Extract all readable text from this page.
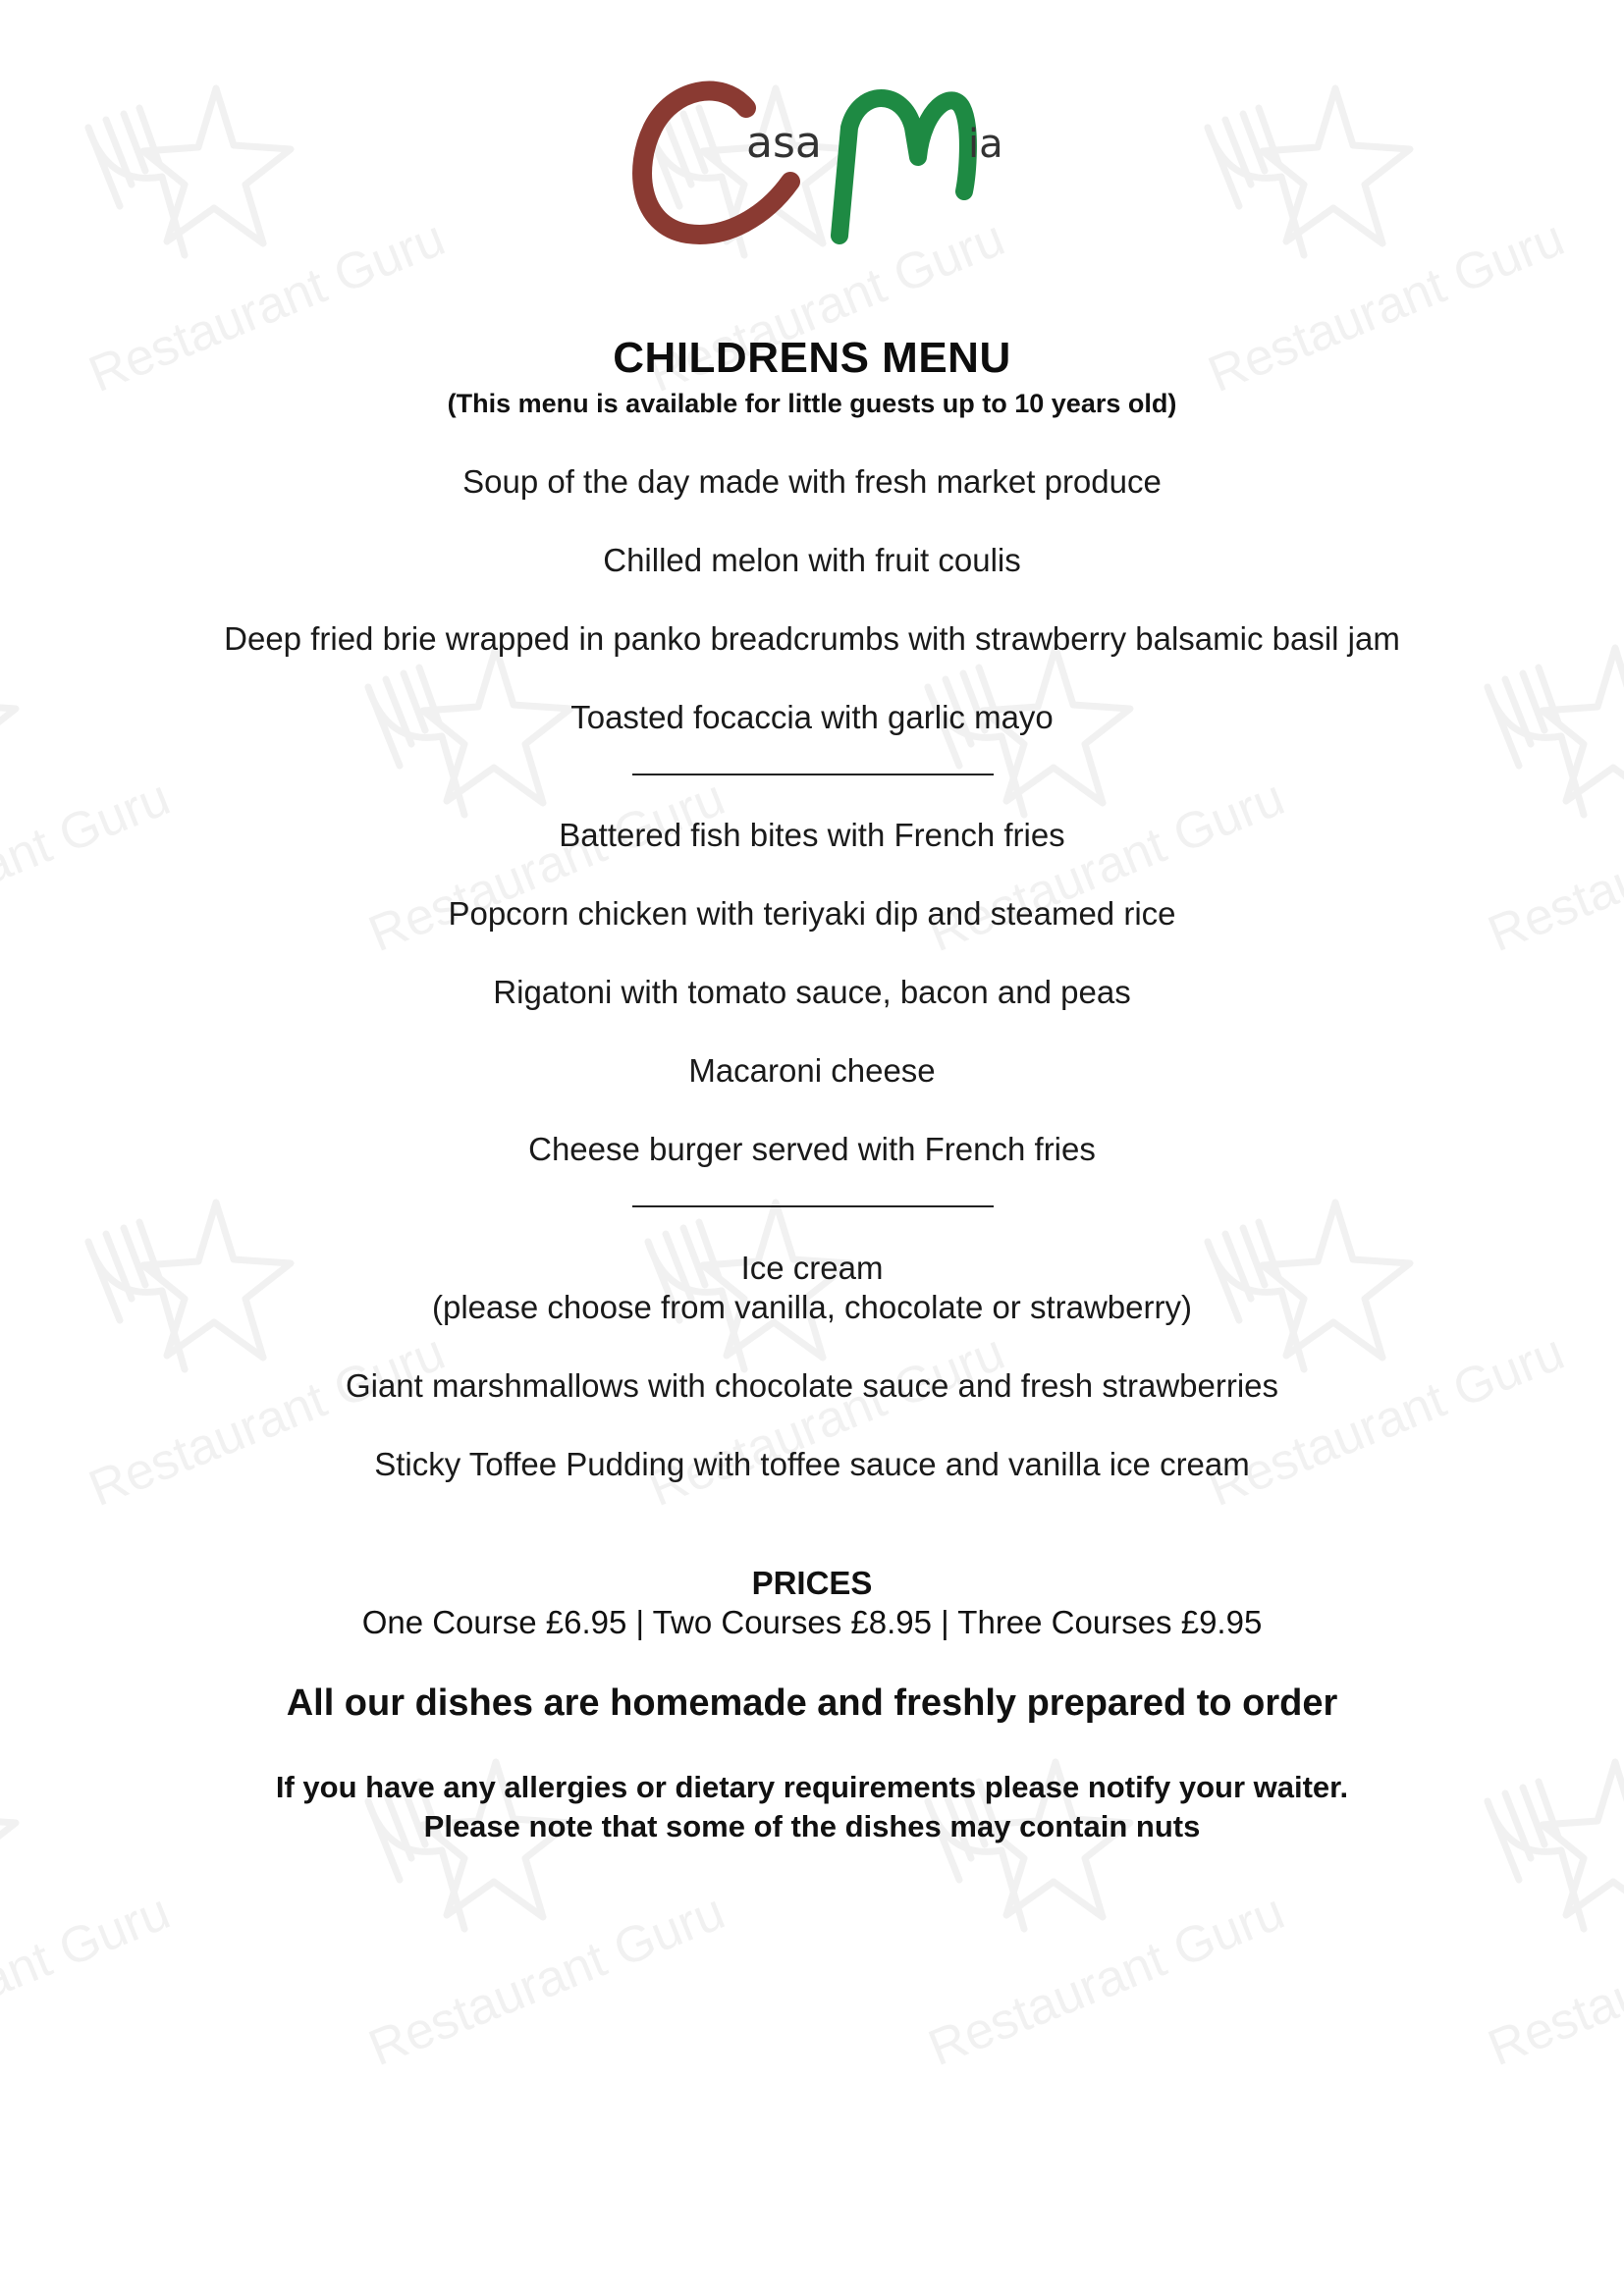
Restaurant Guru	asa	ia
CHILDRENS MENU
(This menu is available for little guests up to 10 years old)
Soup of the day made with fresh market produce
Chilled melon with fruit coulis
Deep fried brie wrapped in panko breadcrumbs with strawberry balsamic basil jam
Toasted focaccia with garlic mayo
Battered fish bites with French fries
Popcorn chicken with teriyaki dip and steamed rice
Rigatoni with tomato sauce, bacon and peas
Macaroni cheese
Cheese burger served with French fries
Ice cream
(please choose from vanilla, chocolate or strawberry)
Giant marshmallows with chocolate sauce and fresh strawberries
Sticky Toffee Pudding with toffee sauce and vanilla ice cream
PRICES
One Course £6.95 | Two Courses £8.95 | Three Courses £9.95
All our dishes are homemade and freshly prepared to order
If you have any allergies or dietary requirements please notify your waiter.
Please note that some of the dishes may contain nuts
